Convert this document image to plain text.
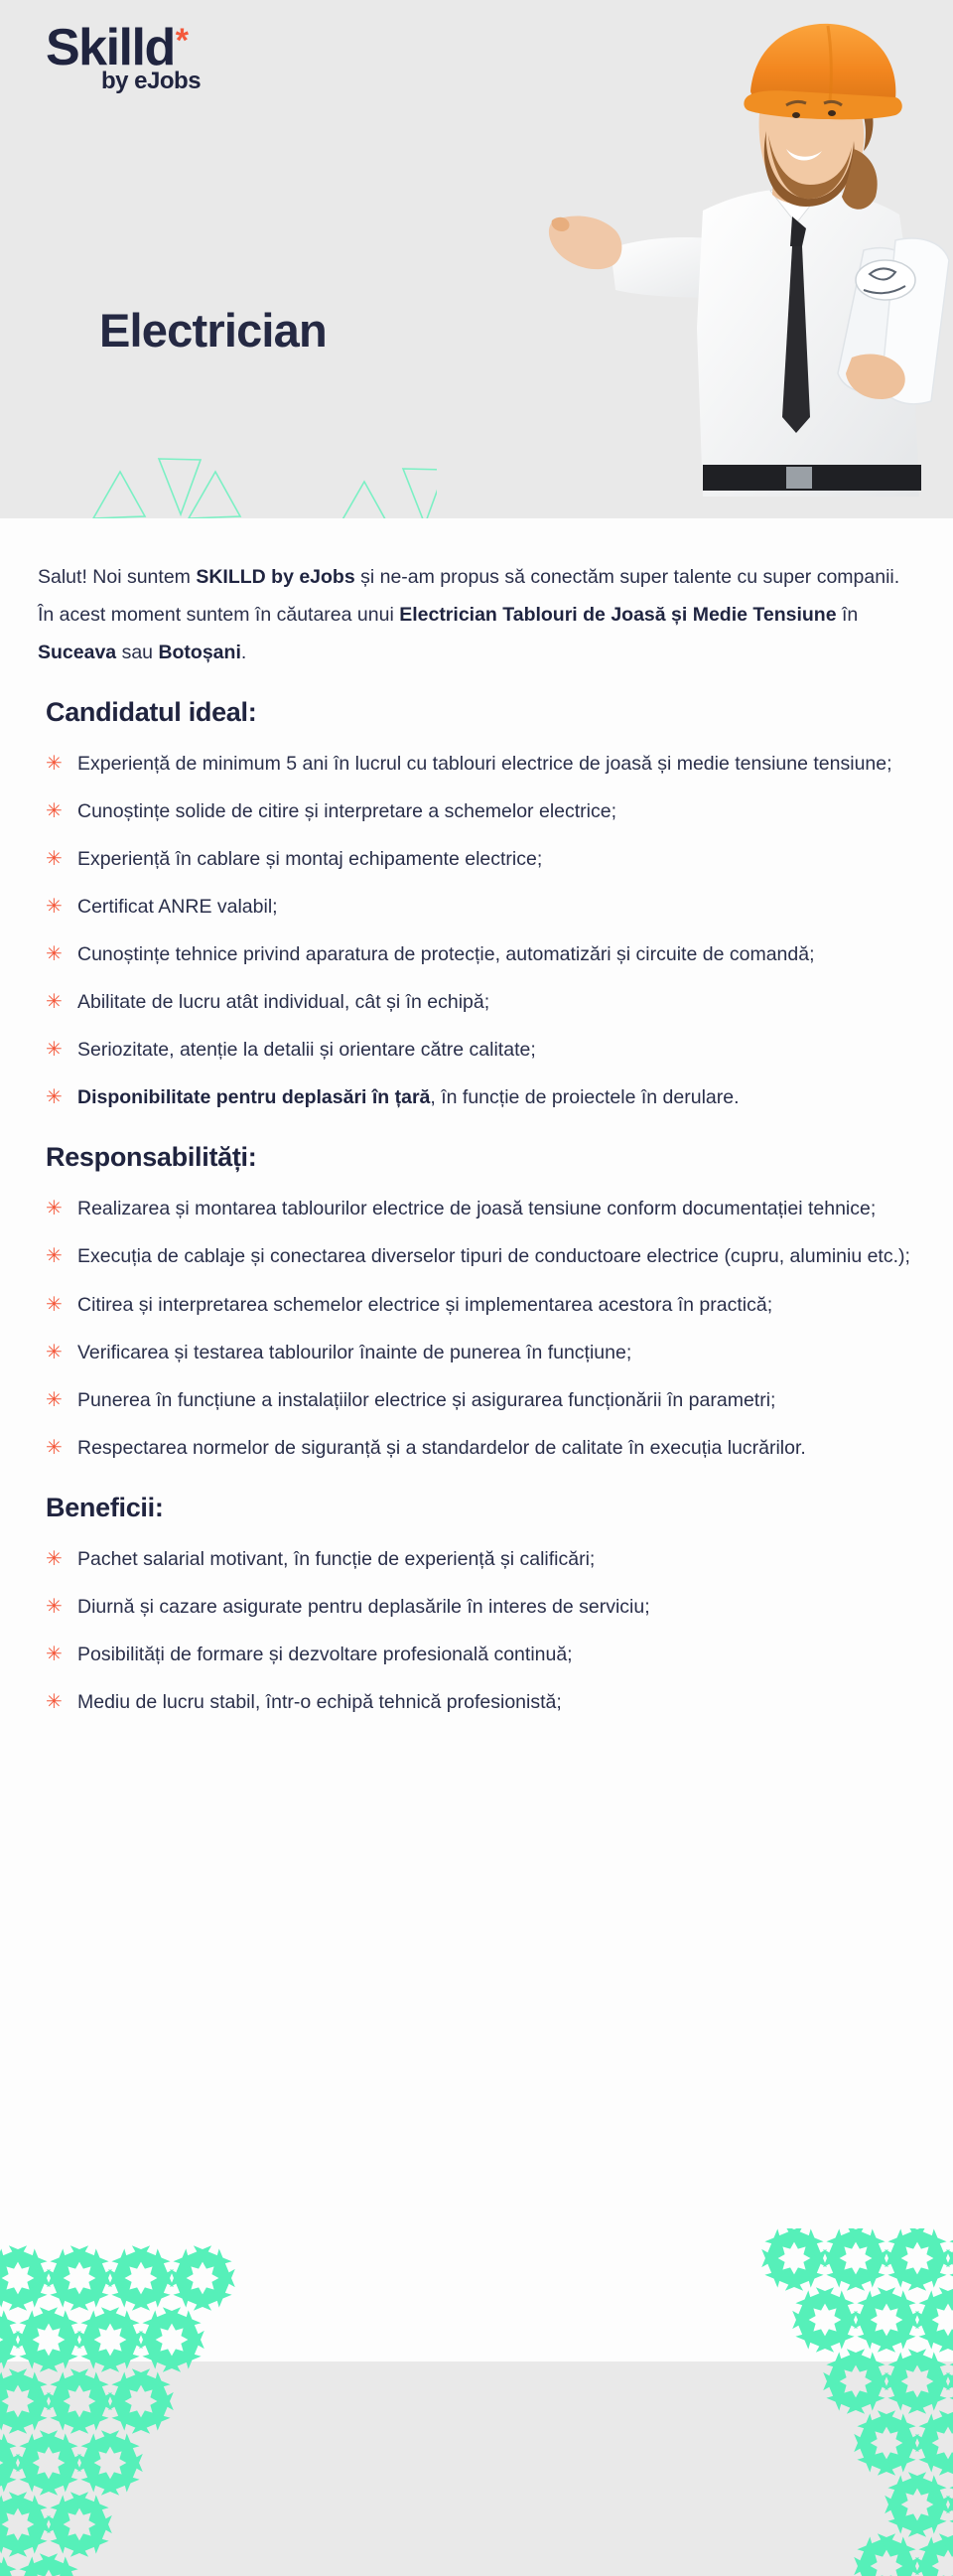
Skilld*
by eJobs
Electrician

Salut! Noi suntem SKILLD by eJobs și ne-am propus să conectăm super talente cu super companii. În acest moment suntem în căutarea unui Electrician Tablouri de Joasă și Medie Tensiune în Suceava sau Botoșani.

Candidatul ideal:
✳ Experiență de minimum 5 ani în lucrul cu tablouri electrice de joasă și medie tensiune tensiune;
✳ Cunoștințe solide de citire și interpretare a schemelor electrice;
✳ Experiență în cablare și montaj echipamente electrice;
✳ Certificat ANRE valabil;
✳ Cunoștințe tehnice privind aparatura de protecție, automatizări și circuite de comandă;
✳ Abilitate de lucru atât individual, cât și în echipă;
✳ Seriozitate, atenție la detalii și orientare către calitate;
✳ Disponibilitate pentru deplasări în țară, în funcție de proiectele în derulare.
Responsabilități:
✳ Realizarea și montarea tablourilor electrice de joasă tensiune conform documentației tehnice;
✳ Execuția de cablaje și conectarea diverselor tipuri de conductoare electrice (cupru, aluminiu etc.);
✳ Citirea și interpretarea schemelor electrice și implementarea acestora în practică;
✳ Verificarea și testarea tablourilor înainte de punerea în funcțiune;
✳ Punerea în funcțiune a instalațiilor electrice și asigurarea funcționării în parametri;
✳ Respectarea normelor de siguranță și a standardelor de calitate în execuția lucrărilor.
Beneficii:
✳ Pachet salarial motivant, în funcție de experiență și calificări;
✳ Diurnă și cazare asigurate pentru deplasările în interes de serviciu;
✳ Posibilități de formare și dezvoltare profesională continuă;
✳ Mediu de lucru stabil, într-o echipă tehnică profesionistă;
